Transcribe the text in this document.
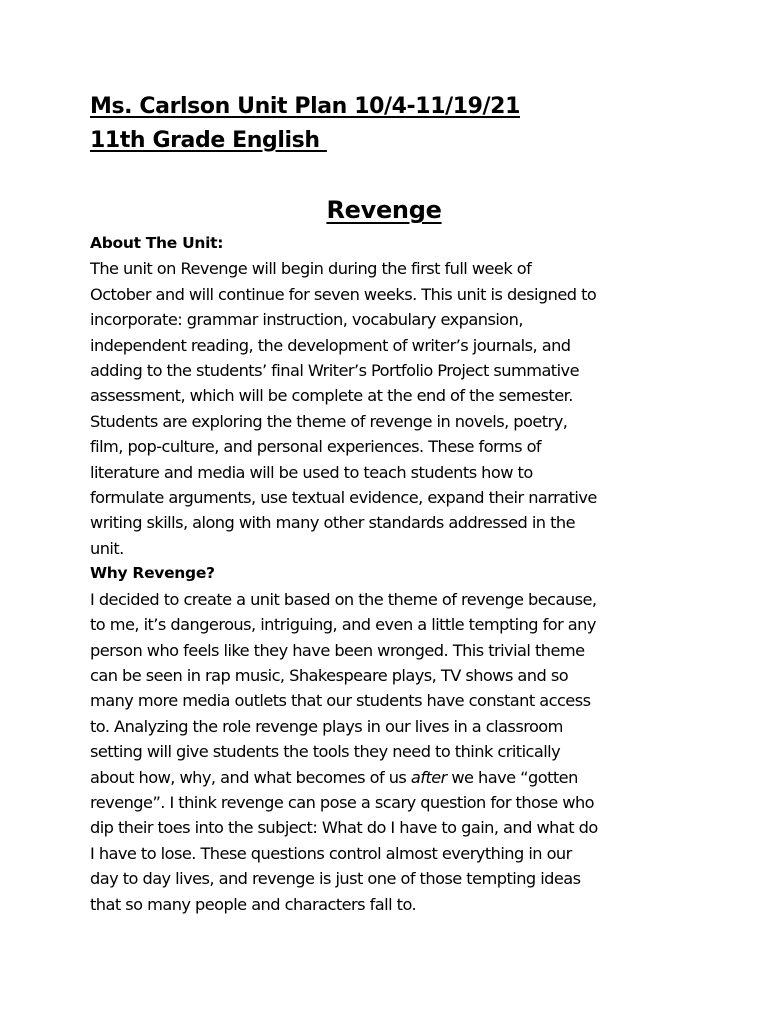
Ms. Carlson Unit Plan 10/4-11/19/21
11th Grade English
Revenge
About The Unit:
The unit on Revenge will begin during the first full week of
October and will continue for seven weeks. This unit is designed to
incorporate: grammar instruction, vocabulary expansion,
independent reading, the development of writer’s journals, and
adding to the students’ final Writer’s Portfolio Project summative
assessment, which will be complete at the end of the semester.
Students are exploring the theme of revenge in novels, poetry,
film, pop-culture, and personal experiences. These forms of
literature and media will be used to teach students how to
formulate arguments, use textual evidence, expand their narrative
writing skills, along with many other standards addressed in the
unit.
Why Revenge?
I decided to create a unit based on the theme of revenge because,
to me, it’s dangerous, intriguing, and even a little tempting for any
person who feels like they have been wronged. This trivial theme
can be seen in rap music, Shakespeare plays, TV shows and so
many more media outlets that our students have constant access
to. Analyzing the role revenge plays in our lives in a classroom
setting will give students the tools they need to think critically
about how, why, and what becomes of us after we have “gotten
revenge”. I think revenge can pose a scary question for those who
dip their toes into the subject: What do I have to gain, and what do
I have to lose. These questions control almost everything in our
day to day lives, and revenge is just one of those tempting ideas
that so many people and characters fall to.
